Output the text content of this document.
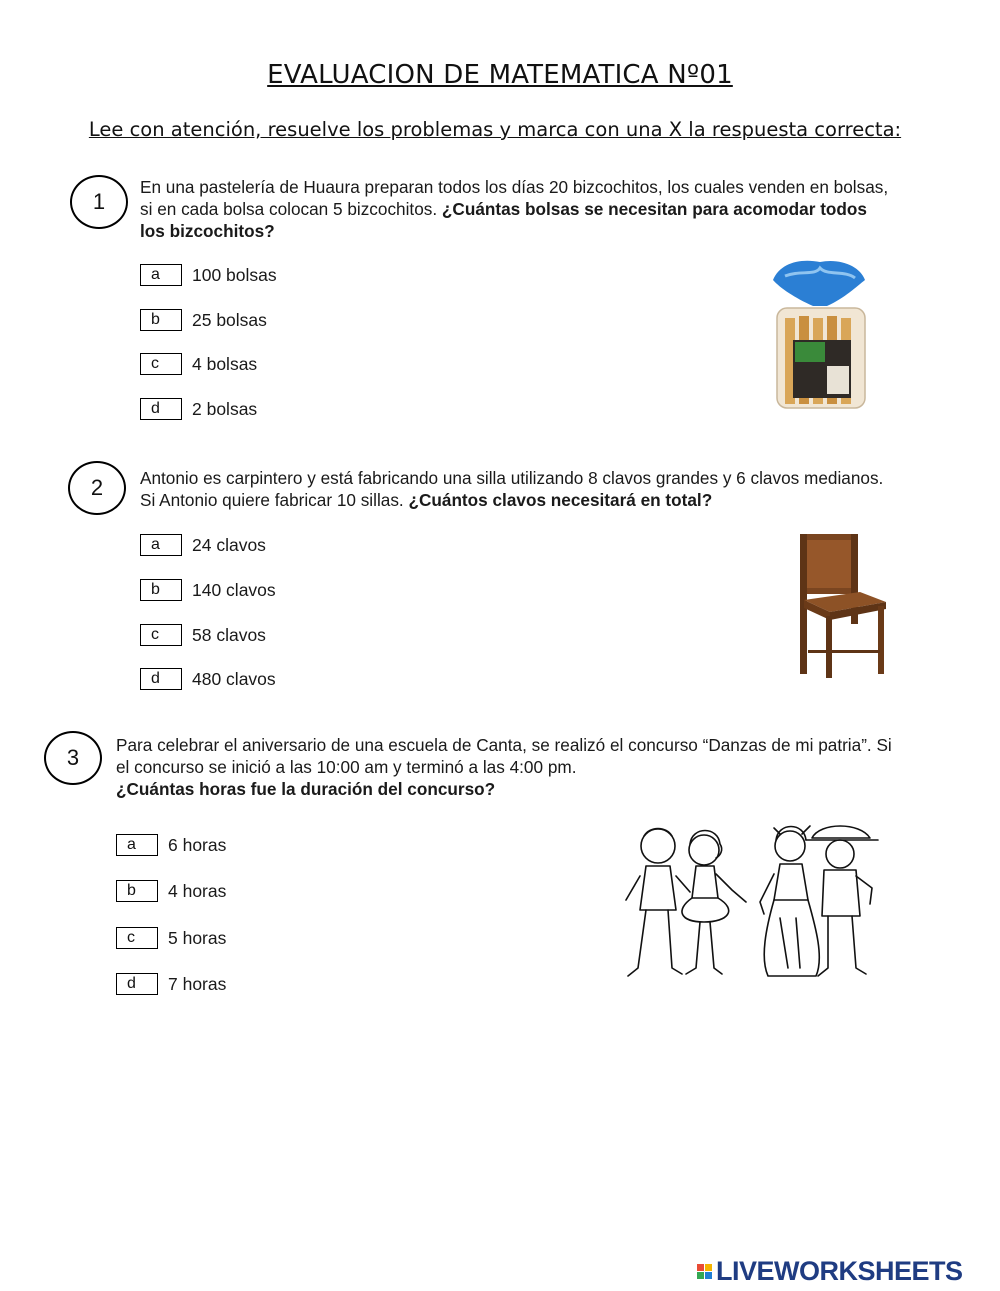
EVALUACION DE MATEMATICA Nº01
Lee con atención, resuelve los problemas y marca con una X la respuesta correcta:
1
En una pastelería de Huaura preparan todos los días 20 bizcochitos, los cuales venden en bolsas, si en cada bolsa colocan 5 bizcochitos. ¿Cuántas bolsas se necesitan para acomodar todos los bizcochitos?
a	100 bolsas
b	25 bolsas
c	4 bolsas
d	2 bolsas
2	Antonio es carpintero y está fabricando una silla utilizando 8 clavos grandes y 6 clavos medianos. Si Antonio quiere fabricar 10 sillas. ¿Cuántos clavos necesitará en total?
a	24 clavos
b	140 clavos
c	58 clavos
d	480 clavos
3	Para celebrar el aniversario de una escuela de Canta, se realizó el concurso “Danzas de mi patria”. Si el concurso se inició a las 10:00 am y terminó a las 4:00 pm.
¿Cuántas horas fue la duración del concurso?
a	6 horas
b	4 horas
c	5 horas
d	7 horas
LIVEWORKSHEETS
